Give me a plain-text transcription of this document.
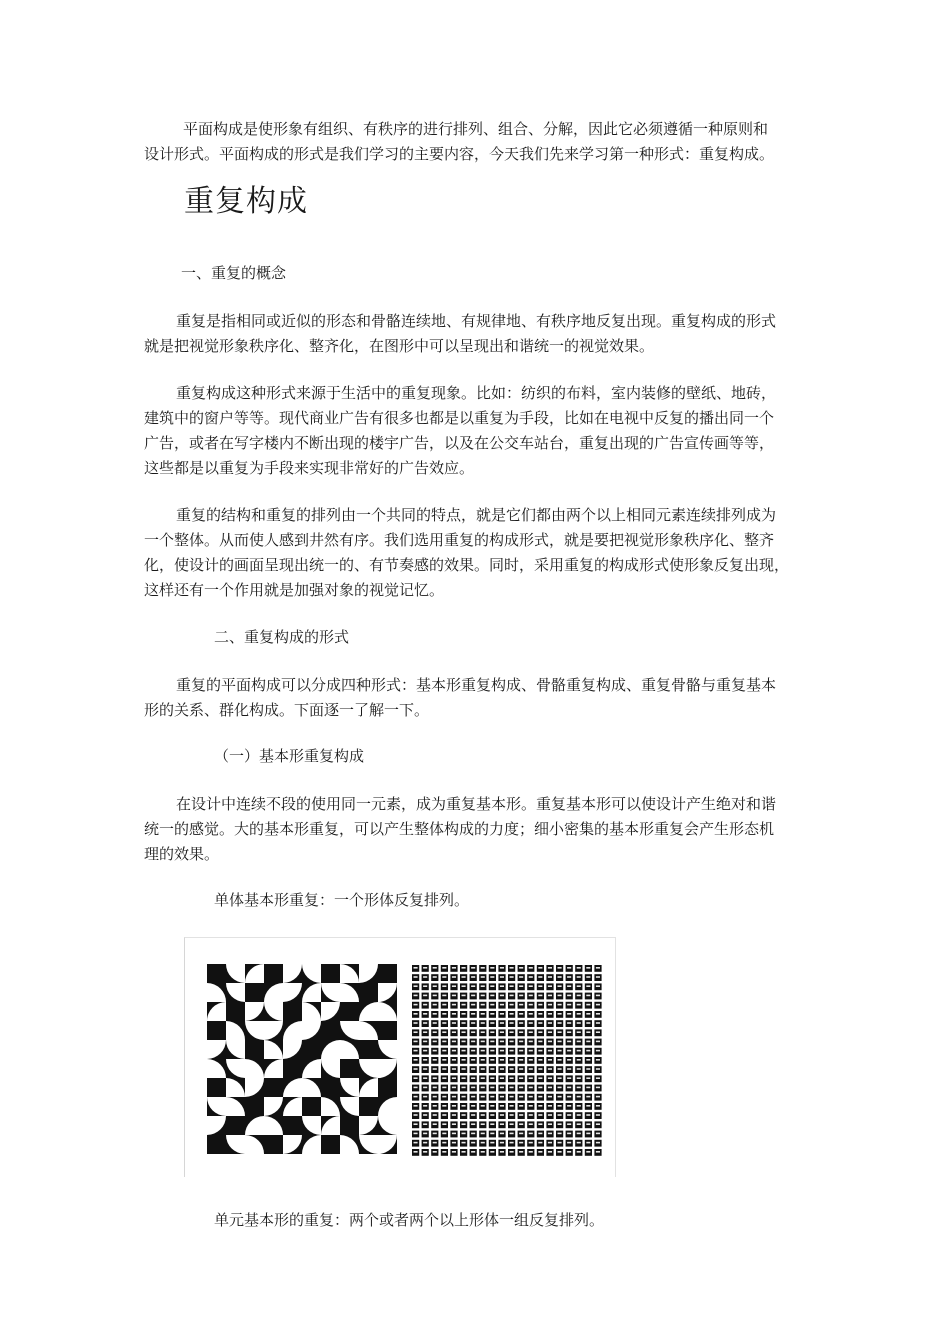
平面构成是使形象有组织、有秩序的进行排列、组合、分解，因此它必须遵循一种原则和

设计形式。平面构成的形式是我们学习的主要内容，今天我们先来学习第一种形式：重复构成。

重复构成

一、重复的概念

重复是指相同或近似的形态和骨骼连续地、有规律地、有秩序地反复出现。重复构成的形式

就是把视觉形象秩序化、整齐化，在图形中可以呈现出和谐统一的视觉效果。

重复构成这种形式来源于生活中的重复现象。比如：纺织的布料，室内装修的壁纸、地砖，

建筑中的窗户等等。现代商业广告有很多也都是以重复为手段，比如在电视中反复的播出同一个

广告，或者在写字楼内不断出现的楼宇广告，以及在公交车站台，重复出现的广告宣传画等等，

这些都是以重复为手段来实现非常好的广告效应。

重复的结构和重复的排列由一个共同的特点，就是它们都由两个以上相同元素连续排列成为

一个整体。从而使人感到井然有序。我们选用重复的构成形式，就是要把视觉形象秩序化、整齐

化，使设计的画面呈现出统一的、有节奏感的效果。同时，采用重复的构成形式使形象反复出现，

这样还有一个作用就是加强对象的视觉记忆。

二、重复构成的形式

重复的平面构成可以分成四种形式：基本形重复构成、骨骼重复构成、重复骨骼与重复基本

形的关系、群化构成。下面逐一了解一下。

（一）基本形重复构成

在设计中连续不段的使用同一元素，成为重复基本形。重复基本形可以使设计产生绝对和谐

统一的感觉。大的基本形重复，可以产生整体构成的力度；细小密集的基本形重复会产生形态机

理的效果。

单体基本形重复：一个形体反复排列。

单元基本形的重复：两个或者两个以上形体一组反复排列。
